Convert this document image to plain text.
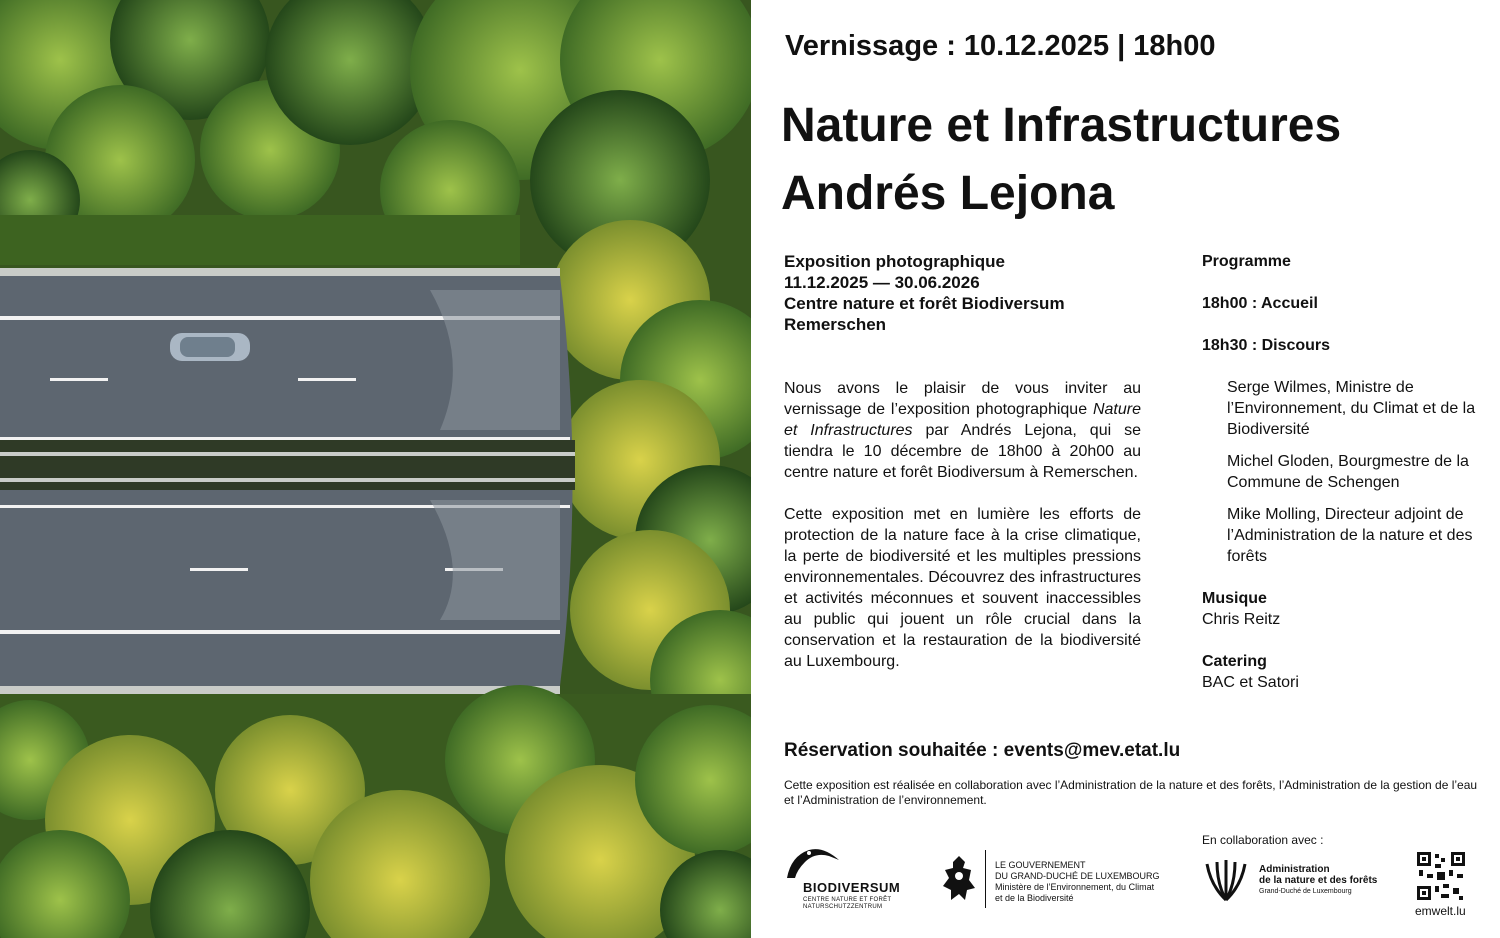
Vernissage : 10.12.2025 | 18h00
Nature et Infrastructures
Andrés Lejona
Exposition photographique
11.12.2025 — 30.06.2026
Centre nature et forêt Biodiversum
Remerschen

Nous avons le plaisir de vous inviter au vernissage de l’exposition photographique Nature et Infrastructures par Andrés Lejona, qui se tiendra le 10 décembre de 18h00 à 20h00 au centre nature et forêt Biodiversum à Remerschen.

Cette exposition met en lumière les efforts de protection de la nature face à la crise climatique, la perte de biodiversité et les multiples pressions environnementales. Découvrez des infrastructures et activités méconnues et souvent inaccessibles au public qui jouent un rôle crucial dans la conservation et la restauration de la biodiversité au Luxembourg.

Programme
18h00 : Accueil
18h30 : Discours
Serge Wilmes, Ministre de l’Environnement, du Climat et de la Biodiversité
Michel Gloden, Bourgmestre de la Commune de Schengen
Mike Molling, Directeur adjoint de l’Administration de la nature et des forêts
Musique
Chris Reitz
Catering
BAC et Satori
Réservation souhaitée : events@mev.etat.lu
Cette exposition est réalisée en collaboration avec l’Administration de la nature et des forêts, l’Administration de la gestion de l’eau et l’Administration de l’environnement.
En collaboration avec :
BIODIVERSUM
CENTRE NATURE ET FORÊT
NATURSCHUTZZENTRUM
LE GOUVERNEMENT
DU GRAND-DUCHÉ DE LUXEMBOURG
Ministère de l’Environnement, du Climat
et de la Biodiversité
Administration
de la nature et des forêts
Grand-Duché de Luxembourg
emwelt.lu
